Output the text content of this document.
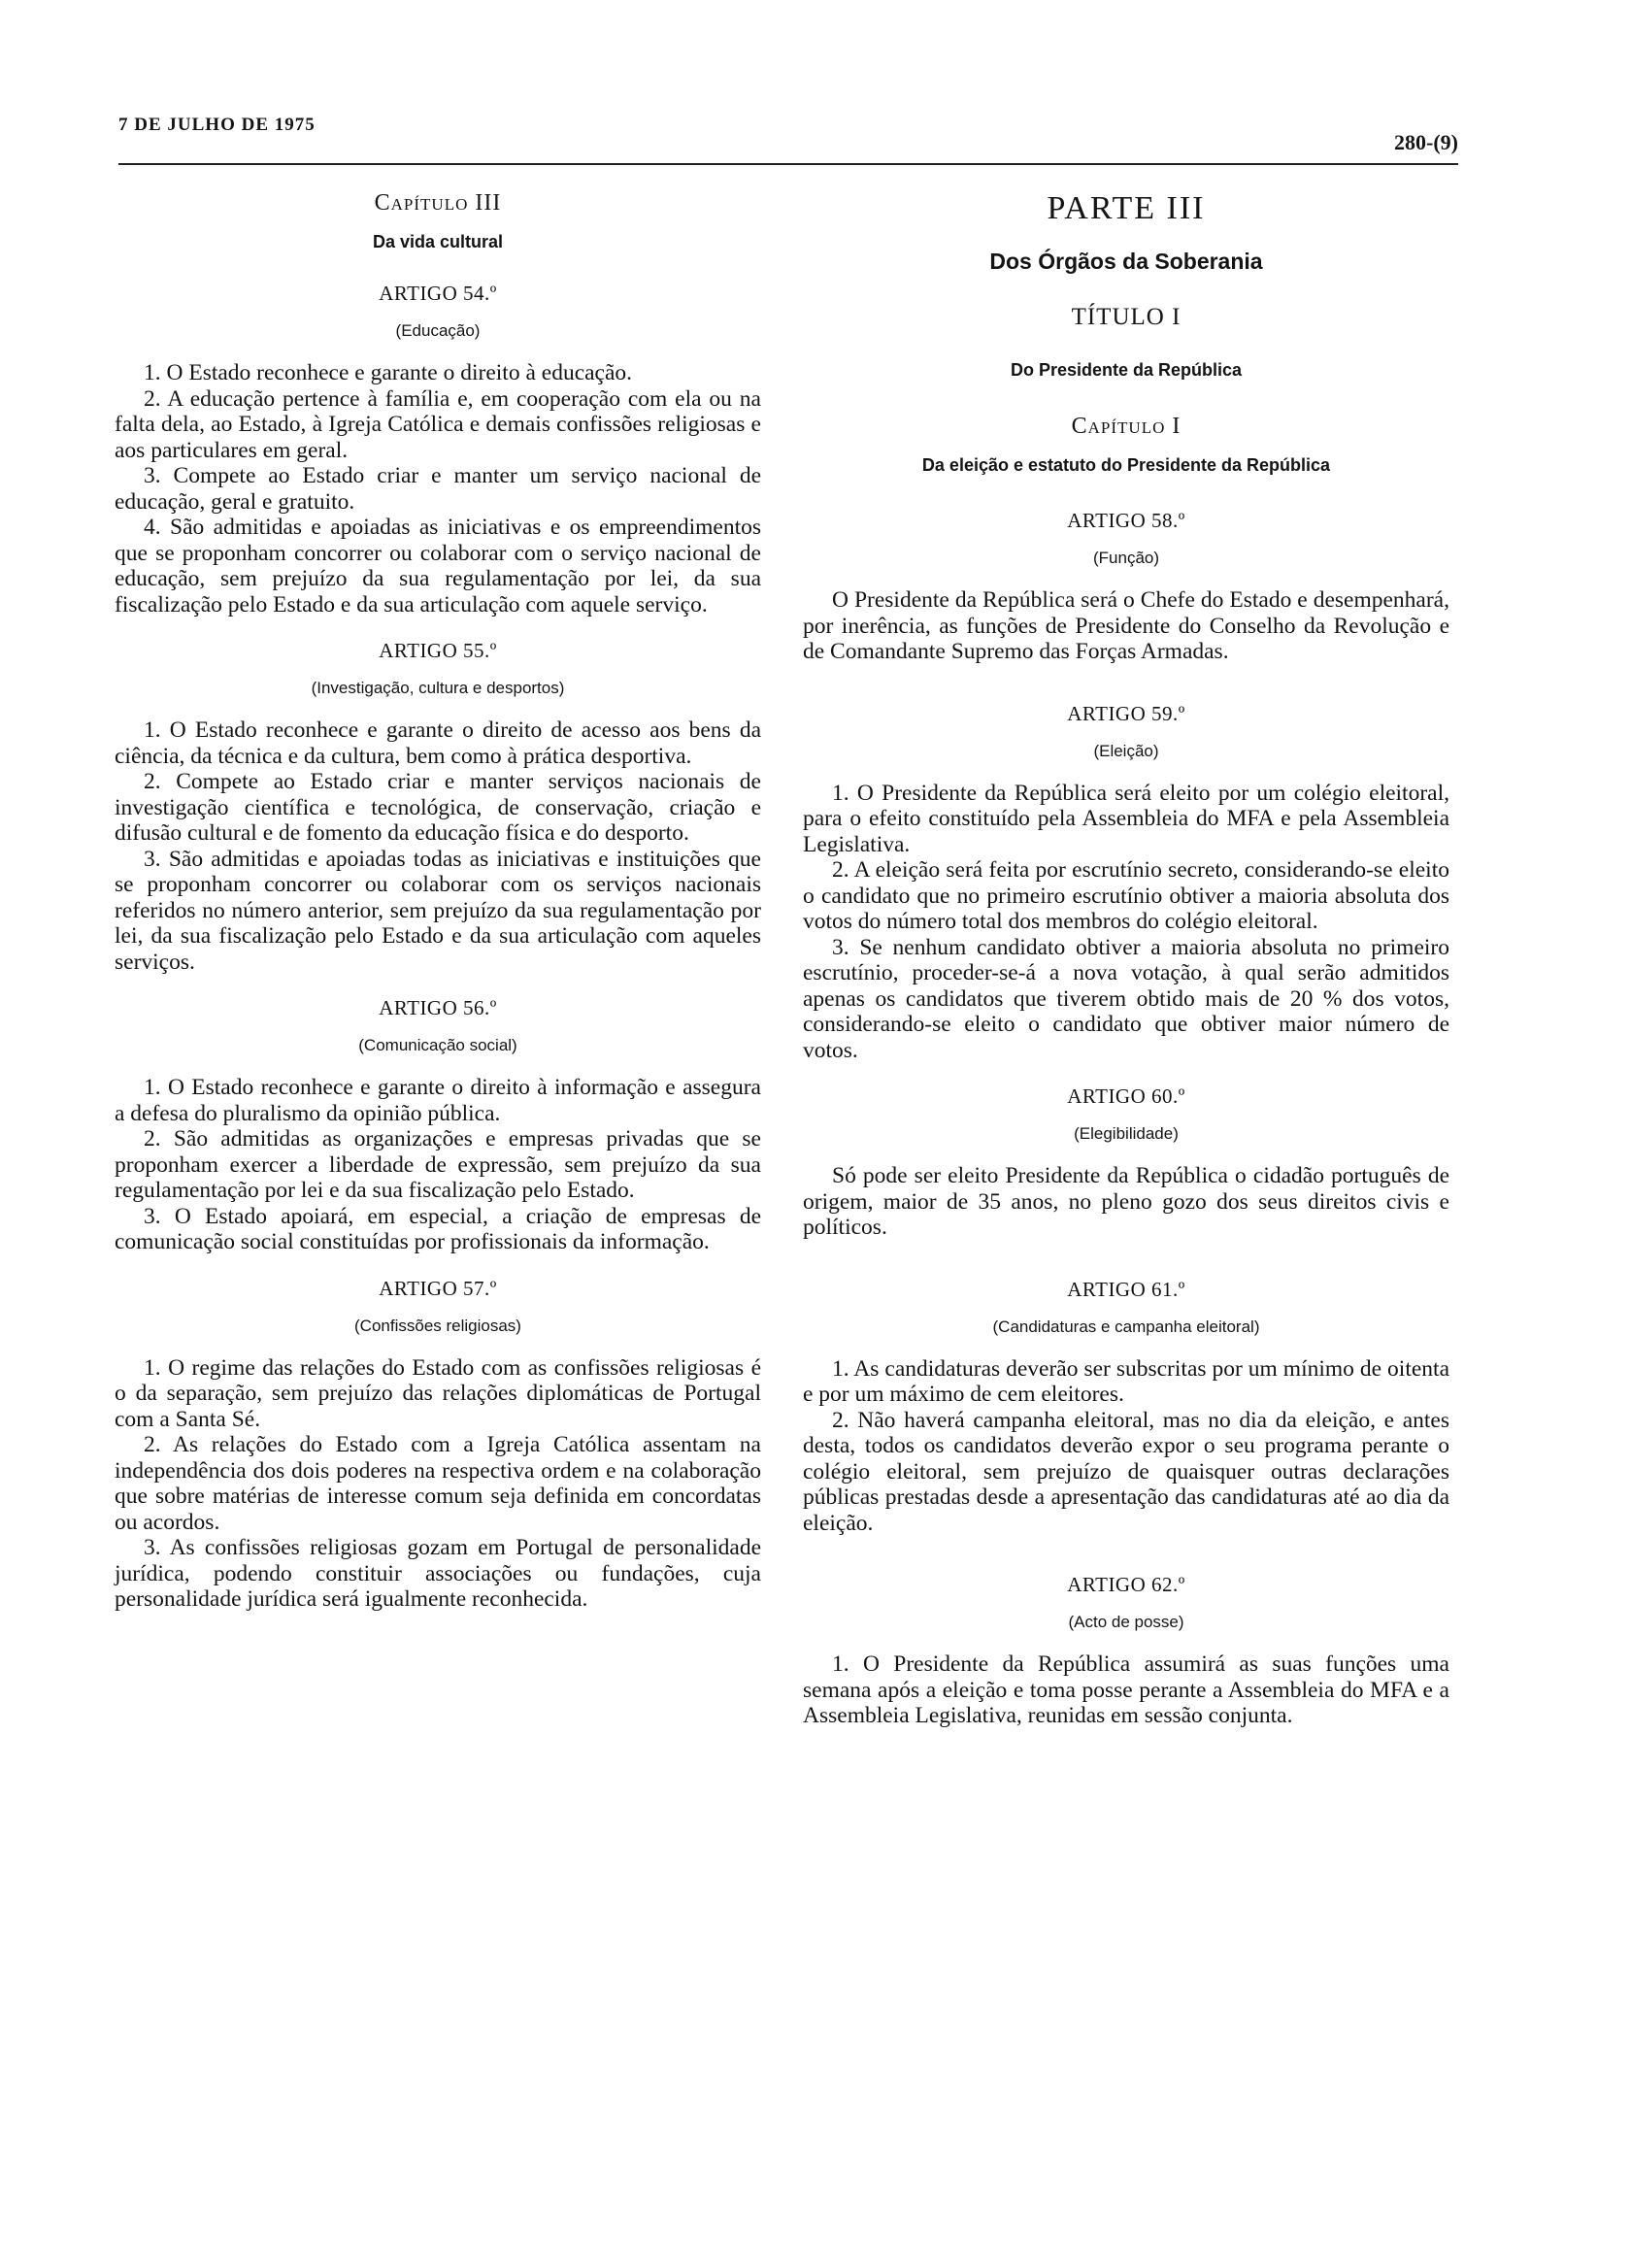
7 DE JULHO DE 1975
280-(9)

Capítulo III

Da vida cultural

ARTIGO 54.º

(Educação)

1. O Estado reconhece e garante o direito à educação.

2. A educação pertence à família e, em cooperação com ela ou na falta dela, ao Estado, à Igreja Católica e demais confissões religiosas e aos particulares em geral.

3. Compete ao Estado criar e manter um serviço nacional de educação, geral e gratuito.

4. São admitidas e apoiadas as iniciativas e os empreendimentos que se proponham concorrer ou colaborar com o serviço nacional de educação, sem prejuízo da sua regulamentação por lei, da sua fiscalização pelo Estado e da sua articulação com aquele serviço.

ARTIGO 55.º

(Investigação, cultura e desportos)

1. O Estado reconhece e garante o direito de acesso aos bens da ciência, da técnica e da cultura, bem como à prática desportiva.

2. Compete ao Estado criar e manter serviços nacionais de investigação científica e tecnológica, de conservação, criação e difusão cultural e de fomento da educação física e do desporto.

3. São admitidas e apoiadas todas as iniciativas e instituições que se proponham concorrer ou colaborar com os serviços nacionais referidos no número anterior, sem prejuízo da sua regulamentação por lei, da sua fiscalização pelo Estado e da sua articulação com aqueles serviços.

ARTIGO 56.º

(Comunicação social)

1. O Estado reconhece e garante o direito à informação e assegura a defesa do pluralismo da opinião pública.

2. São admitidas as organizações e empresas privadas que se proponham exercer a liberdade de expressão, sem prejuízo da sua regulamentação por lei e da sua fiscalização pelo Estado.

3. O Estado apoiará, em especial, a criação de empresas de comunicação social constituídas por profissionais da informação.

ARTIGO 57.º

(Confissões religiosas)

1. O regime das relações do Estado com as confissões religiosas é o da separação, sem prejuízo das relações diplomáticas de Portugal com a Santa Sé.

2. As relações do Estado com a Igreja Católica assentam na independência dos dois poderes na respectiva ordem e na colaboração que sobre matérias de interesse comum seja definida em concordatas ou acordos.

3. As confissões religiosas gozam em Portugal de personalidade jurídica, podendo constituir associações ou fundações, cuja personalidade jurídica será igualmente reconhecida.

PARTE III

Dos Órgãos da Soberania

TÍTULO I

Do Presidente da República

Capítulo I

Da eleição e estatuto do Presidente da República

ARTIGO 58.º

(Função)

O Presidente da República será o Chefe do Estado e desempenhará, por inerência, as funções de Presidente do Conselho da Revolução e de Comandante Supremo das Forças Armadas.

ARTIGO 59.º

(Eleição)

1. O Presidente da República será eleito por um colégio eleitoral, para o efeito constituído pela Assembleia do MFA e pela Assembleia Legislativa.

2. A eleição será feita por escrutínio secreto, considerando-se eleito o candidato que no primeiro escrutínio obtiver a maioria absoluta dos votos do número total dos membros do colégio eleitoral.

3. Se nenhum candidato obtiver a maioria absoluta no primeiro escrutínio, proceder-se-á a nova votação, à qual serão admitidos apenas os candidatos que tiverem obtido mais de 20 % dos votos, considerando-se eleito o candidato que obtiver maior número de votos.

ARTIGO 60.º

(Elegibilidade)

Só pode ser eleito Presidente da República o cidadão português de origem, maior de 35 anos, no pleno gozo dos seus direitos civis e políticos.

ARTIGO 61.º

(Candidaturas e campanha eleitoral)

1. As candidaturas deverão ser subscritas por um mínimo de oitenta e por um máximo de cem eleitores.

2. Não haverá campanha eleitoral, mas no dia da eleição, e antes desta, todos os candidatos deverão expor o seu programa perante o colégio eleitoral, sem prejuízo de quaisquer outras declarações públicas prestadas desde a apresentação das candidaturas até ao dia da eleição.

ARTIGO 62.º

(Acto de posse)

1. O Presidente da República assumirá as suas funções uma semana após a eleição e toma posse perante a Assembleia do MFA e a Assembleia Legislativa, reunidas em sessão conjunta.
